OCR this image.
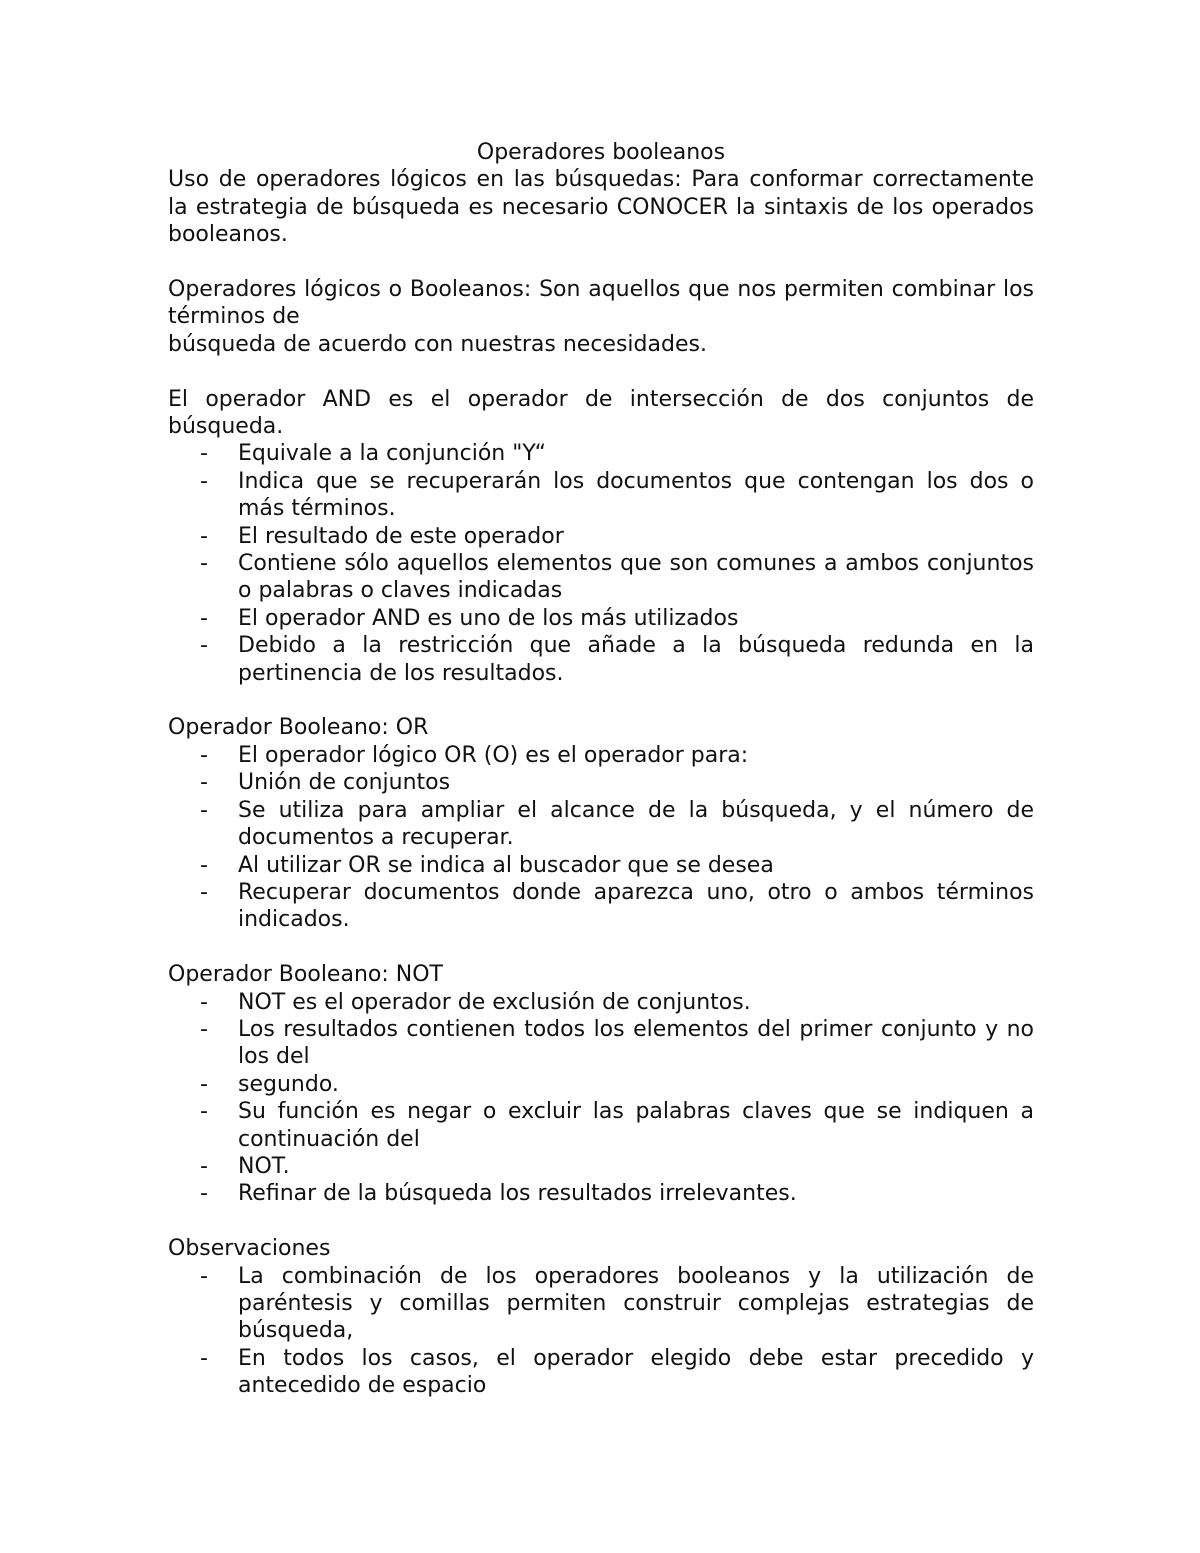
Operadores booleanos

Uso de operadores lógicos en las búsquedas: Para conformar correctamente la estrategia de búsqueda es necesario CONOCER la sintaxis de los operados booleanos.

Operadores lógicos o Booleanos: Son aquellos que nos permiten combinar los términos de

búsqueda de acuerdo con nuestras necesidades.

El operador AND es el operador de intersección de dos conjuntos de búsqueda.

- Equivale a la conjunción "Y“
- Indica que se recuperarán los documentos que contengan los dos o más términos.
- El resultado de este operador
- Contiene sólo aquellos elementos que son comunes a ambos conjuntos o palabras o claves indicadas
- El operador AND es uno de los más utilizados
- Debido a la restricción que añade a la búsqueda redunda en la pertinencia de los resultados.

Operador Booleano: OR

- El operador lógico OR (O) es el operador para:
- Unión de conjuntos
- Se utiliza para ampliar el alcance de la búsqueda, y el número de documentos a recuperar.
- Al utilizar OR se indica al buscador que se desea
- Recuperar documentos donde aparezca uno, otro o ambos términos indicados.

Operador Booleano: NOT

- NOT es el operador de exclusión de conjuntos.
- Los resultados contienen todos los elementos del primer conjunto y no los del
- segundo.
- Su función es negar o excluir las palabras claves que se indiquen a continuación del
- NOT.
- Refinar de la búsqueda los resultados irrelevantes.

Observaciones

- La combinación de los operadores booleanos y la utilización de paréntesis y comillas permiten construir complejas estrategias de búsqueda,
- En todos los casos, el operador elegido debe estar precedido y antecedido de espacio
